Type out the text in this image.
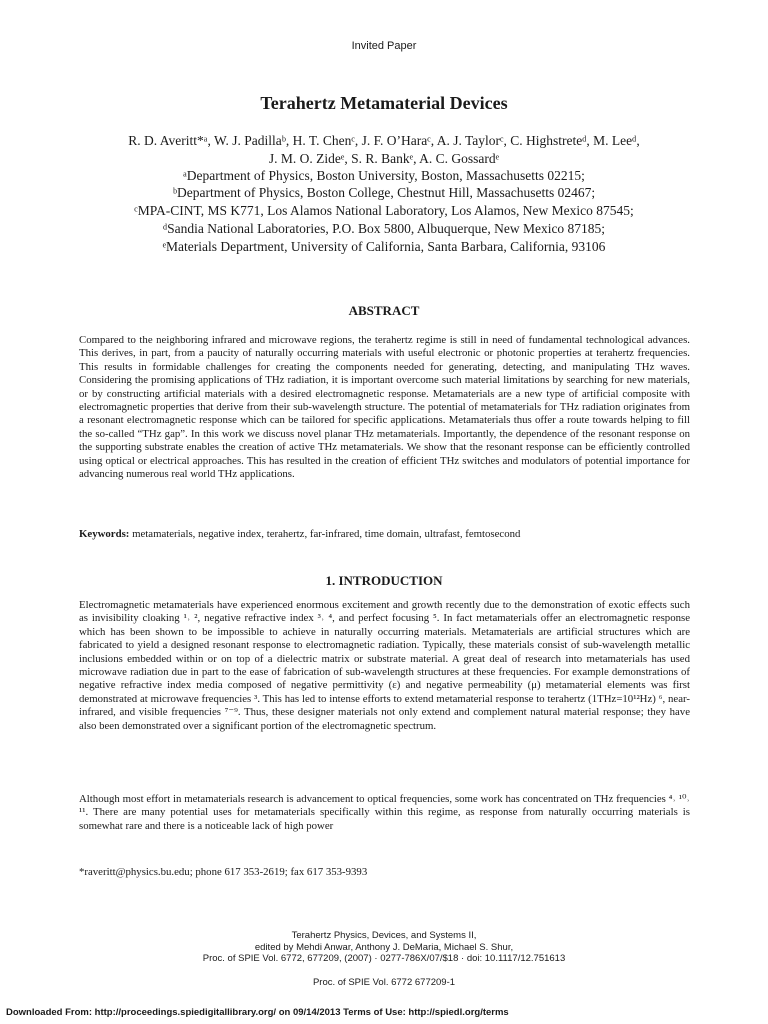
Invited Paper
Terahertz Metamaterial Devices
R. D. Averitt*ᵃ, W. J. Padillaᵇ, H. T. Chenᶜ, J. F. O’Haraᶜ, A. J. Taylorᶜ, C. Highstreteᵈ, M. Leeᵈ,
J. M. O. Zideᵉ, S. R. Bankᵉ, A. C. Gossardᵉ
ᵃDepartment of Physics, Boston University, Boston, Massachusetts 02215;
ᵇDepartment of Physics, Boston College, Chestnut Hill, Massachusetts 02467;
ᶜMPA-CINT, MS K771, Los Alamos National Laboratory, Los Alamos, New Mexico 87545;
ᵈSandia National Laboratories, P.O. Box 5800, Albuquerque, New Mexico 87185;
ᵉMaterials Department, University of California, Santa Barbara, California, 93106
ABSTRACT

Compared to the neighboring infrared and microwave regions, the terahertz regime is still in need of fundamental technological advances. This derives, in part, from a paucity of naturally occurring materials with useful electronic or photonic properties at terahertz frequencies. This results in formidable challenges for creating the components needed for generating, detecting, and manipulating THz waves. Considering the promising applications of THz radiation, it is important overcome such material limitations by searching for new materials, or by constructing artificial materials with a desired electromagnetic response. Metamaterials are a new type of artificial composite with electromagnetic properties that derive from their sub-wavelength structure. The potential of metamaterials for THz radiation originates from a resonant electromagnetic response which can be tailored for specific applications. Metamaterials thus offer a route towards helping to fill the so-called “THz gap”. In this work we discuss novel planar THz metamaterials. Importantly, the dependence of the resonant response on the supporting substrate enables the creation of active THz metamaterials. We show that the resonant response can be efficiently controlled using optical or electrical approaches. This has resulted in the creation of efficient THz switches and modulators of potential importance for advancing numerous real world THz applications.

Keywords: metamaterials, negative index, terahertz, far-infrared, time domain, ultrafast, femtosecond

1. INTRODUCTION

Electromagnetic metamaterials have experienced enormous excitement and growth recently due to the demonstration of exotic effects such as invisibility cloaking ¹˒ ², negative refractive index ³˒ ⁴, and perfect focusing ⁵. In fact metamaterials offer an electromagnetic response which has been shown to be impossible to achieve in naturally occurring materials. Metamaterials are artificial structures which are fabricated to yield a designed resonant response to electromagnetic radiation. Typically, these materials consist of sub-wavelength metallic inclusions embedded within or on top of a dielectric matrix or substrate material. A great deal of research into metamaterials has used microwave radiation due in part to the ease of fabrication of sub-wavelength structures at these frequencies. For example demonstrations of negative refractive index media composed of negative permittivity (ε) and negative permeability (μ) metamaterial elements was first demonstrated at microwave frequencies ³. This has led to intense efforts to extend metamaterial response to terahertz (1THz=10¹²Hz) ⁶, near-infrared, and visible frequencies ⁷⁻⁹. Thus, these designer materials not only extend and complement natural material response; they have also been demonstrated over a significant portion of the electromagnetic spectrum.

Although most effort in metamaterials research is advancement to optical frequencies, some work has concentrated on THz frequencies ⁴˒ ¹⁰˒ ¹¹. There are many potential uses for metamaterials specifically within this regime, as response from naturally occurring materials is somewhat rare and there is a noticeable lack of high power

*raveritt@physics.bu.edu; phone 617 353-2619; fax 617 353-9393
Terahertz Physics, Devices, and Systems II,
edited by Mehdi Anwar, Anthony J. DeMaria, Michael S. Shur,
Proc. of SPIE Vol. 6772, 677209, (2007) · 0277-786X/07/$18 · doi: 10.1117/12.751613
Proc. of SPIE Vol. 6772 677209-1
Downloaded From: http://proceedings.spiedigitallibrary.org/ on 09/14/2013 Terms of Use: http://spiedl.org/terms
